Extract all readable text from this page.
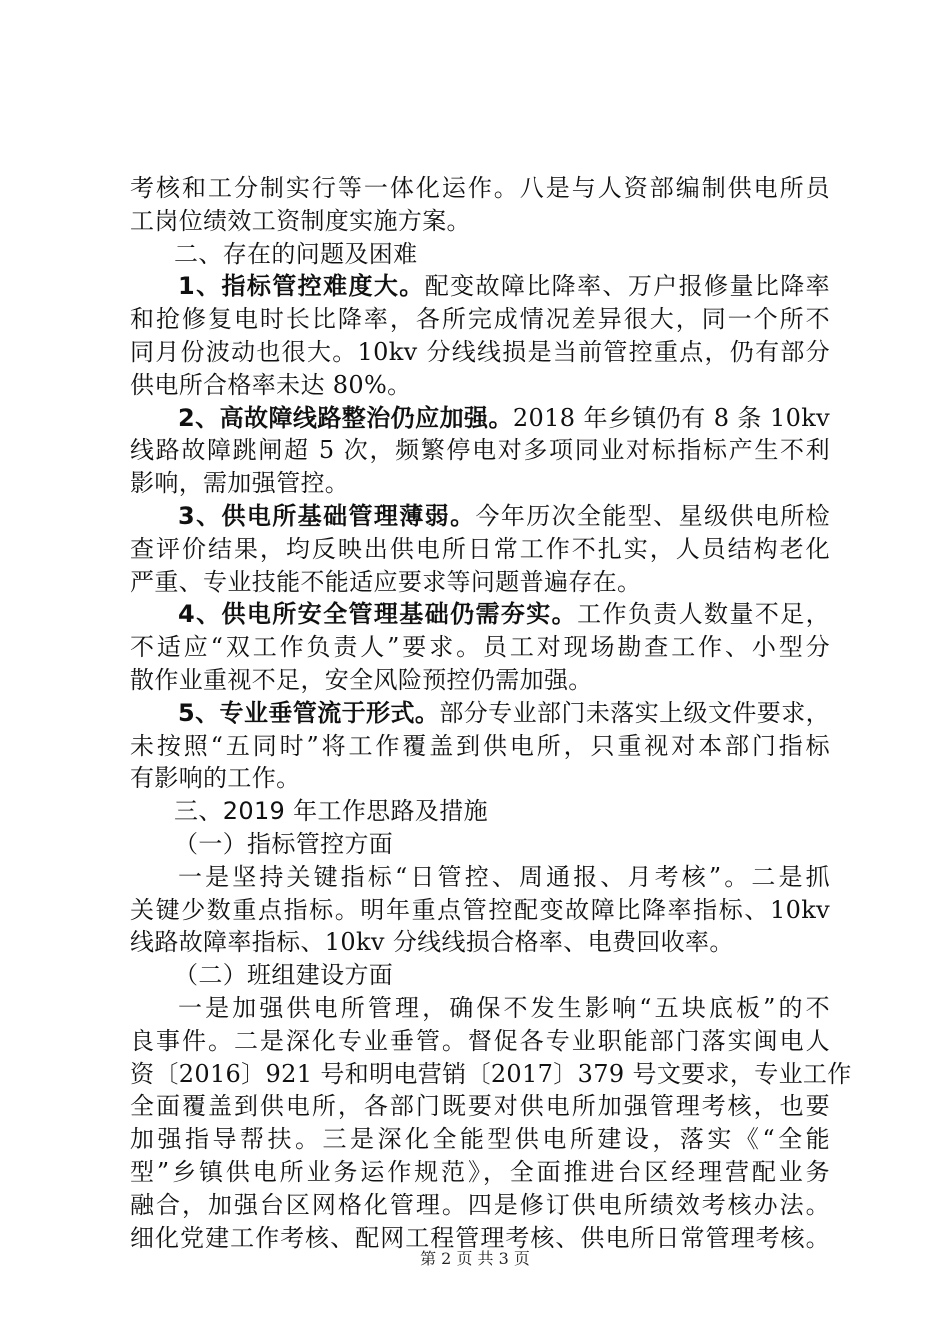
考核和工分制实行等一体化运作。八是与人资部编制供电所员
工岗位绩效工资制度实施方案。
二、存在的问题及困难
1、指标管控难度大。配变故障比降率、万户报修量比降率
和抢修复电时长比降率，各所完成情况差异很大，同一个所不
同月份波动也很大。10kv 分线线损是当前管控重点，仍有部分
供电所合格率未达 80%。
2、高故障线路整治仍应加强。2018 年乡镇仍有 8 条 10kv
线路故障跳闸超 5 次，频繁停电对多项同业对标指标产生不利
影响，需加强管控。
3、供电所基础管理薄弱。今年历次全能型、星级供电所检
查评价结果，均反映出供电所日常工作不扎实，人员结构老化
严重、专业技能不能适应要求等问题普遍存在。
4、供电所安全管理基础仍需夯实。工作负责人数量不足，
不适应“双工作负责人”要求。员工对现场勘查工作、小型分
散作业重视不足，安全风险预控仍需加强。
5、专业垂管流于形式。部分专业部门未落实上级文件要求，
未按照“五同时”将工作覆盖到供电所，只重视对本部门指标
有影响的工作。
三、2019 年工作思路及措施
（一）指标管控方面
一是坚持关键指标“日管控、周通报、月考核”。二是抓
关键少数重点指标。明年重点管控配变故障比降率指标、10kv
线路故障率指标、10kv 分线线损合格率、电费回收率。
（二）班组建设方面
一是加强供电所管理，确保不发生影响“五块底板”的不
良事件。二是深化专业垂管。督促各专业职能部门落实闽电人
资〔2016〕921 号和明电营销〔2017〕379 号文要求，专业工作
全面覆盖到供电所，各部门既要对供电所加强管理考核，也要
加强指导帮扶。三是深化全能型供电所建设，落实《“全能
型”乡镇供电所业务运作规范》，全面推进台区经理营配业务
融合，加强台区网格化管理。四是修订供电所绩效考核办法。
细化党建工作考核、配网工程管理考核、供电所日常管理考核。
第 2 页 共 3 页
